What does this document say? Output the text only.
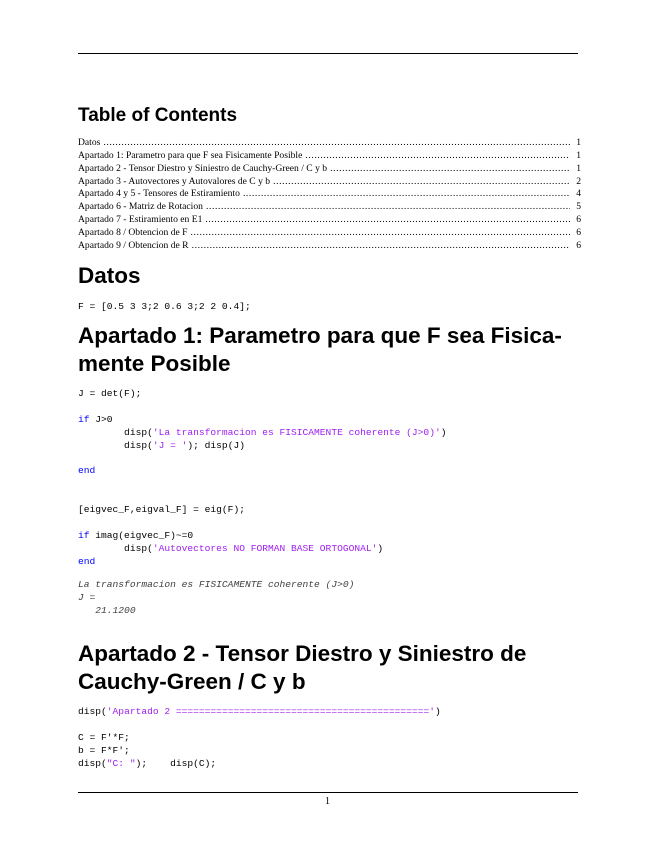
Table of Contents
Datos .....	1
Apartado 1: Parametro para que F sea Fisicamente Posible .....	1
Apartado 2 - Tensor Diestro y Siniestro de Cauchy-Green / C y b .....	1
Apartado 3 - Autovectores y Autovalores de C y b .....	2
Apartado 4 y 5 - Tensores de Estiramiento .....	4
Apartado 6 - Matriz de Rotacion .....	5
Apartado 7 - Estiramiento en E1 .....	6
Apartado 8 / Obtencion de F .....	6
Apartado 9 / Obtencion de R .....	6
Datos
F = [0.5 3 3;2 0.6 3;2 2 0.4];
Apartado 1: Parametro para que F sea Fisica-
mente Posible
J = det(F);

if J>0
disp('La transformacion es FISICAMENTE coherente (J>0)')
disp('J = '); disp(J)

end

[eigvec_F,eigval_F] = eig(F);

if imag(eigvec_F)~=0
disp('Autovectores NO FORMAN BASE ORTOGONAL')
end
La transformacion es FISICAMENTE coherente (J>0)
J =
21.1200
Apartado 2 - Tensor Diestro y Siniestro de
Cauchy-Green / C y b
disp('Apartado 2 ============================================')

C = F'*F;
b = F*F';
disp("C: ");    disp(C);
1
